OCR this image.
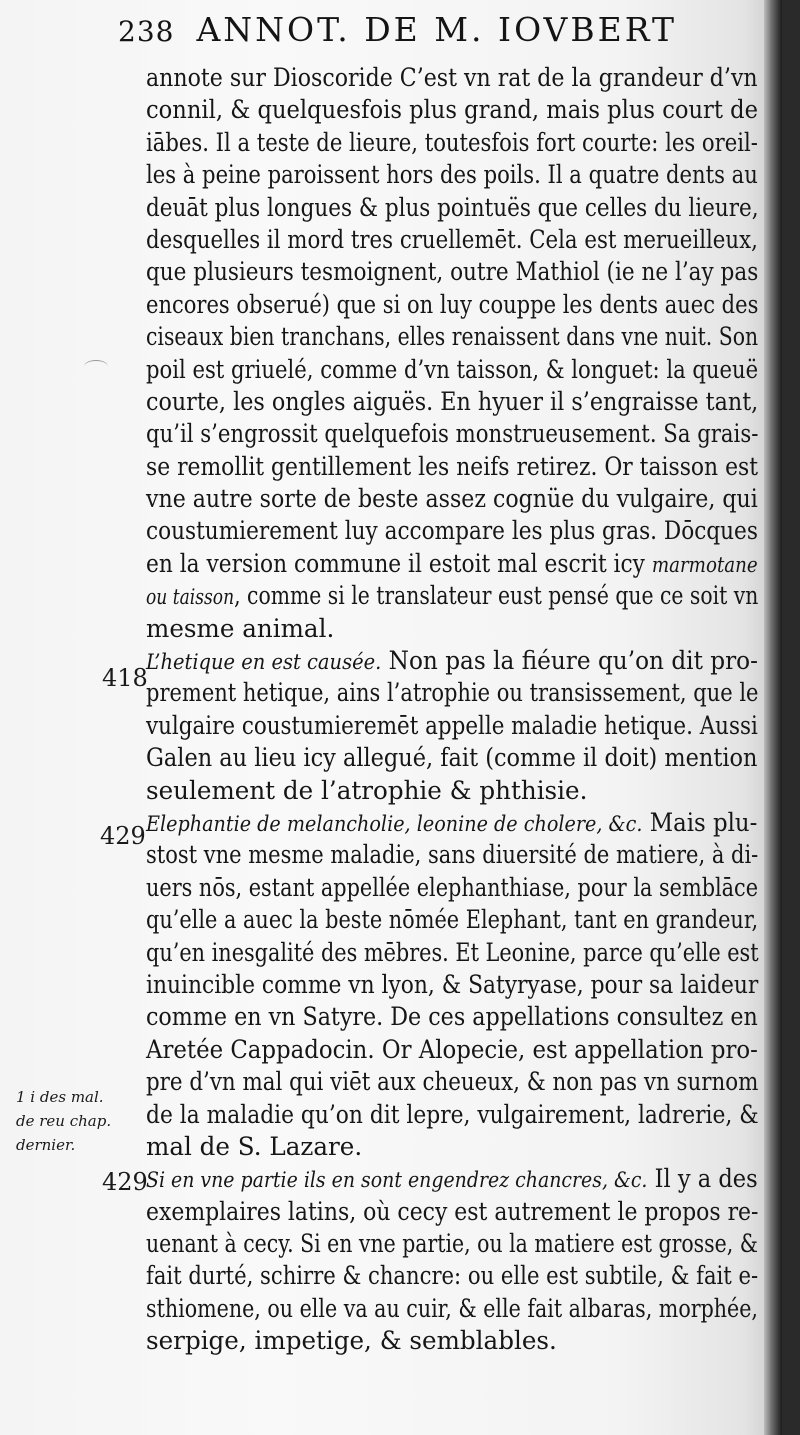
238 ANNOT. DE M. IOVBERT
418
429
429
1 i des mal.
de reu chap.
dernier.
annote sur Dioscoride C’est vn rat de la grandeur d’vn
connil, & quelquesfois plus grand, mais plus court de
iābes. Il a teste de lieure, toutesfois fort courte: les oreil-
les à peine paroissent hors des poils. Il a quatre dents au
deuāt plus longues & plus pointuës que celles du lieure,
desquelles il mord tres cruellemēt. Cela est merueilleux,
que plusieurs tesmoignent, outre Mathiol (ie ne l’ay pas
encores obserué) que si on luy couppe les dents auec des
ciseaux bien tranchans, elles renaissent dans vne nuit. Son
poil est griuelé, comme d’vn taisson, & longuet: la queuë
courte, les ongles aiguës. En hyuer il s’engraisse tant,
qu’il s’engrossit quelquefois monstrueusement. Sa grais-
se remollit gentillement les neifs retirez. Or taisson est
vne autre sorte de beste assez cognüe du vulgaire, qui
coustumierement luy accompare les plus gras. Dōcques
en la version commune il estoit mal escrit icy marmotane
ou taisson, comme si le translateur eust pensé que ce soit vn
mesme animal.
L’hetique en est causée. Non pas la fiéure qu’on dit pro-
prement hetique, ains l’atrophie ou transissement, que le
vulgaire coustumieremēt appelle maladie hetique. Aussi
Galen au lieu icy allegué, fait (comme il doit) mention
seulement de l’atrophie & phthisie.
Elephantie de melancholie, leonine de cholere, &c. Mais plu-
stost vne mesme maladie, sans diuersité de matiere, à di-
uers nōs, estant appellée elephanthiase, pour la semblāce
qu’elle a auec la beste nōmée Elephant, tant en grandeur,
qu’en inesgalité des mēbres. Et Leonine, parce qu’elle est
inuincible comme vn lyon, & Satyryase, pour sa laideur
comme en vn Satyre. De ces appellations consultez en
Aretée Cappadocin. Or Alopecie, est appellation pro-
pre d’vn mal qui viēt aux cheueux, & non pas vn surnom
de la maladie qu’on dit lepre, vulgairement, ladrerie, &
mal de S. Lazare.
Si en vne partie ils en sont engendrez chancres, &c. Il y a des
exemplaires latins, où cecy est autrement le propos re-
uenant à cecy. Si en vne partie, ou la matiere est grosse, &
fait durté, schirre & chancre: ou elle est subtile, & fait e-
sthiomene, ou elle va au cuir, & elle fait albaras, morphée,
serpige, impetige, & semblables.
